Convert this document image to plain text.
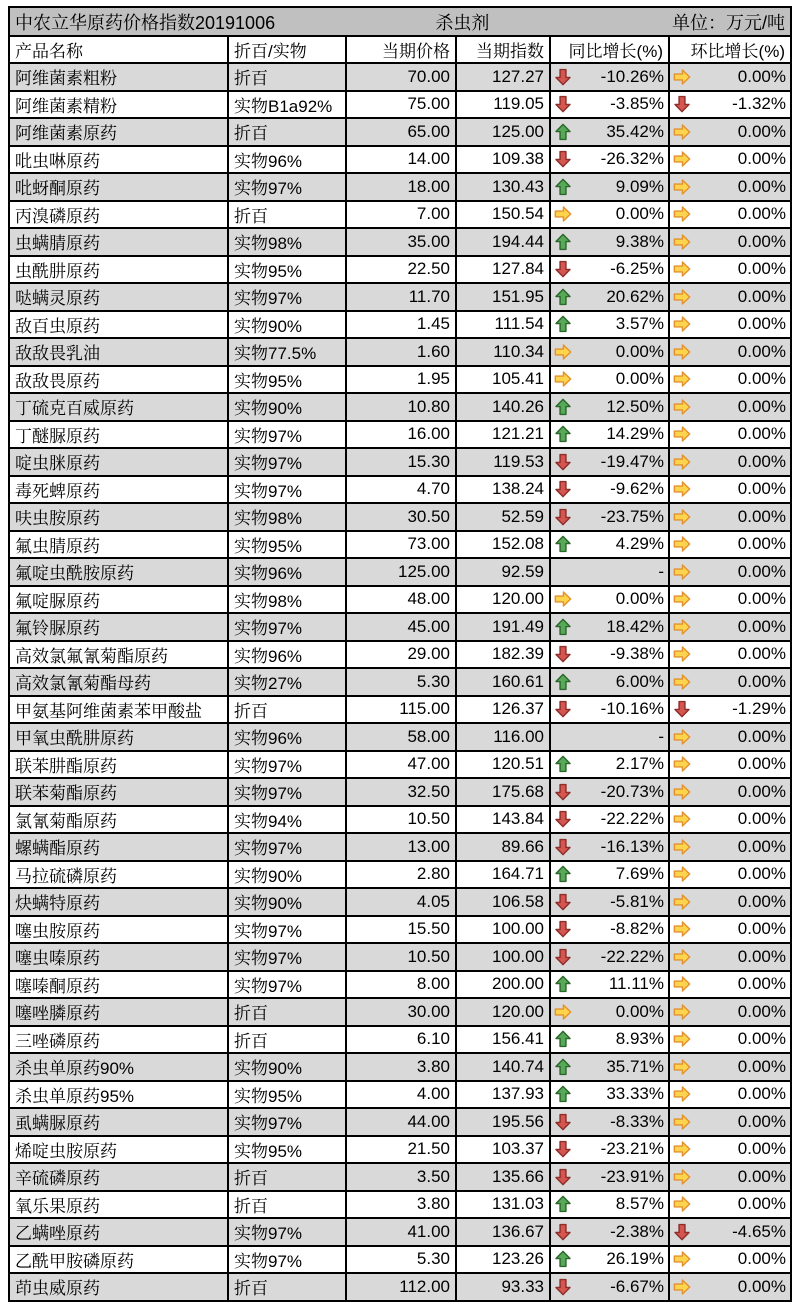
中农立华原药价格指数20191006	杀虫剂	单位：万元/吨
产品名称	折百/实物	当期价格	当期指数	同比增长(%)	环比增长(%)
阿维菌素粗粉	折百	70.00	127.27	-10.26%	0.00%

阿维菌素精粉	实物B1a92%	75.00	119.05	-3.85%	-1.32%

阿维菌素原药	折百	65.00	125.00	35.42%	0.00%

吡虫啉原药	实物96%	14.00	109.38	-26.32%	0.00%

吡蚜酮原药	实物97%	18.00	130.43	9.09%	0.00%

丙溴磷原药	折百	7.00	150.54	0.00%	0.00%

虫螨腈原药	实物98%	35.00	194.44	9.38%	0.00%

虫酰肼原药	实物95%	22.50	127.84	-6.25%	0.00%

哒螨灵原药	实物97%	11.70	151.95	20.62%	0.00%

敌百虫原药	实物90%	1.45	111.54	3.57%	0.00%

敌敌畏乳油	实物77.5%	1.60	110.34	0.00%	0.00%

敌敌畏原药	实物95%	1.95	105.41	0.00%	0.00%

丁硫克百威原药	实物90%	10.80	140.26	12.50%	0.00%

丁醚脲原药	实物97%	16.00	121.21	14.29%	0.00%

啶虫脒原药	实物97%	15.30	119.53	-19.47%	0.00%

毒死蜱原药	实物97%	4.70	138.24	-9.62%	0.00%

呋虫胺原药	实物98%	30.50	52.59	-23.75%	0.00%

氟虫腈原药	实物95%	73.00	152.08	4.29%	0.00%

氟啶虫酰胺原药	实物96%	125.00	92.59	-	0.00%

氟啶脲原药	实物98%	48.00	120.00	0.00%	0.00%

氟铃脲原药	实物97%	45.00	191.49	18.42%	0.00%

高效氯氟氰菊酯原药	实物96%	29.00	182.39	-9.38%	0.00%

高效氯氰菊酯母药	实物27%	5.30	160.61	6.00%	0.00%

甲氨基阿维菌素苯甲酸盐	折百	115.00	126.37	-10.16%	-1.29%

甲氧虫酰肼原药	实物96%	58.00	116.00	-	0.00%

联苯肼酯原药	实物97%	47.00	120.51	2.17%	0.00%

联苯菊酯原药	实物97%	32.50	175.68	-20.73%	0.00%

氯氰菊酯原药	实物94%	10.50	143.84	-22.22%	0.00%

螺螨酯原药	实物97%	13.00	89.66	-16.13%	0.00%

马拉硫磷原药	实物90%	2.80	164.71	7.69%	0.00%

炔螨特原药	实物90%	4.05	106.58	-5.81%	0.00%

噻虫胺原药	实物97%	15.50	100.00	-8.82%	0.00%

噻虫嗪原药	实物97%	10.50	100.00	-22.22%	0.00%

噻嗪酮原药	实物97%	8.00	200.00	11.11%	0.00%

噻唑膦原药	折百	30.00	120.00	0.00%	0.00%

三唑磷原药	折百	6.10	156.41	8.93%	0.00%

杀虫单原药90%	实物90%	3.80	140.74	35.71%	0.00%

杀虫单原药95%	实物95%	4.00	137.93	33.33%	0.00%

虱螨脲原药	实物97%	44.00	195.56	-8.33%	0.00%

烯啶虫胺原药	实物95%	21.50	103.37	-23.21%	0.00%

辛硫磷原药	折百	3.50	135.66	-23.91%	0.00%

氧乐果原药	折百	3.80	131.03	8.57%	0.00%

乙螨唑原药	实物97%	41.00	136.67	-2.38%	-4.65%

乙酰甲胺磷原药	实物97%	5.30	123.26	26.19%	0.00%

茚虫威原药	折百	112.00	93.33	-6.67%	0.00%
